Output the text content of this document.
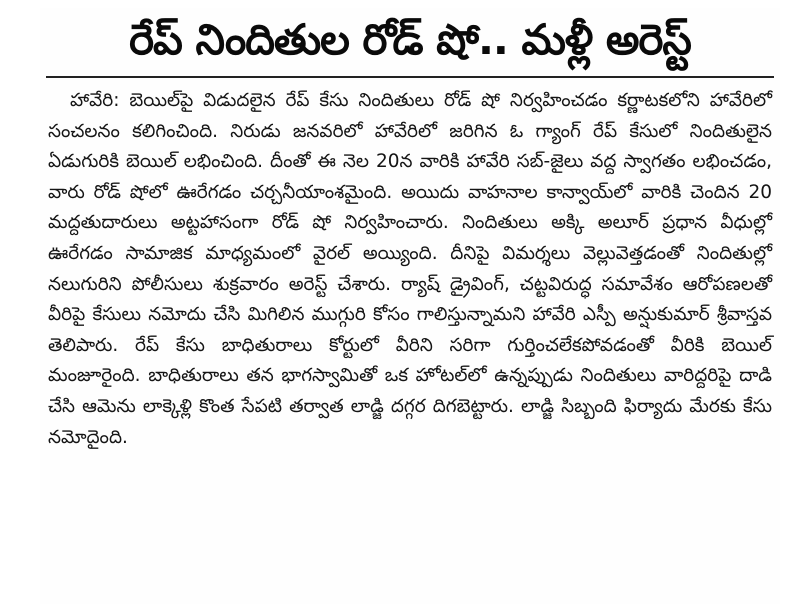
రేప్ నిందితుల రోడ్ షో.. మళ్లీ అరెస్ట్

హావేరి: బెయిల్‌పై విడుదలైన రేప్ కేసు నిందితులు రోడ్ షో నిర్వహించడం కర్ణాటకలోని హావేరిలో సంచలనం కలిగించింది. నిరుడు జనవరిలో హావేరిలో జరిగిన ఓ గ్యాంగ్ రేప్ కేసులో నిందితులైన ఏడుగురికి బెయిల్ లభించింది. దీంతో ఈ నెల 20న వారికి హావేరి సబ్-జైలు వద్ద స్వాగతం లభించడం, వారు రోడ్ షోలో ఊరేగడం చర్చనీయాంశమైంది. అయిదు వాహనాల కాన్వాయ్‌లో వారికి చెందిన 20 మద్దతుదారులు అట్టహాసంగా రోడ్ షో నిర్వహించారు. నిందితులు అక్కి అలూర్ ప్రధాన వీధుల్లో ఊరేగడం సామాజిక మాధ్యమంలో వైరల్ అయ్యింది. దీనిపై విమర్శలు వెల్లువెత్తడంతో నిందితుల్లో నలుగురిని పోలీసులు శుక్రవారం అరెస్ట్ చేశారు. ర్యాష్ డ్రైవింగ్, చట్టవిరుద్ధ సమావేశం ఆరోపణలతో వీరిపై కేసులు నమోదు చేసి మిగిలిన ముగ్గురి కోసం గాలిస్తున్నామని హావేరి ఎస్పీ అన్షుకుమార్ శ్రీవాస్తవ తెలిపారు. రేప్ కేసు బాధితురాలు కోర్టులో వీరిని సరిగా గుర్తించలేకపోవడంతో వీరికి బెయిల్ మంజూరైంది. బాధితురాలు తన భాగస్వామితో ఒక హోటల్‌లో ఉన్నప్పుడు నిందితులు వారిద్దరిపై దాడి చేసి ఆమెను లాక్కెళ్లి కొంత సేపటి తర్వాత లాడ్జి దగ్గర దిగబెట్టారు. లాడ్జి సిబ్బంది ఫిర్యాదు మేరకు కేసు నమోదైంది.
